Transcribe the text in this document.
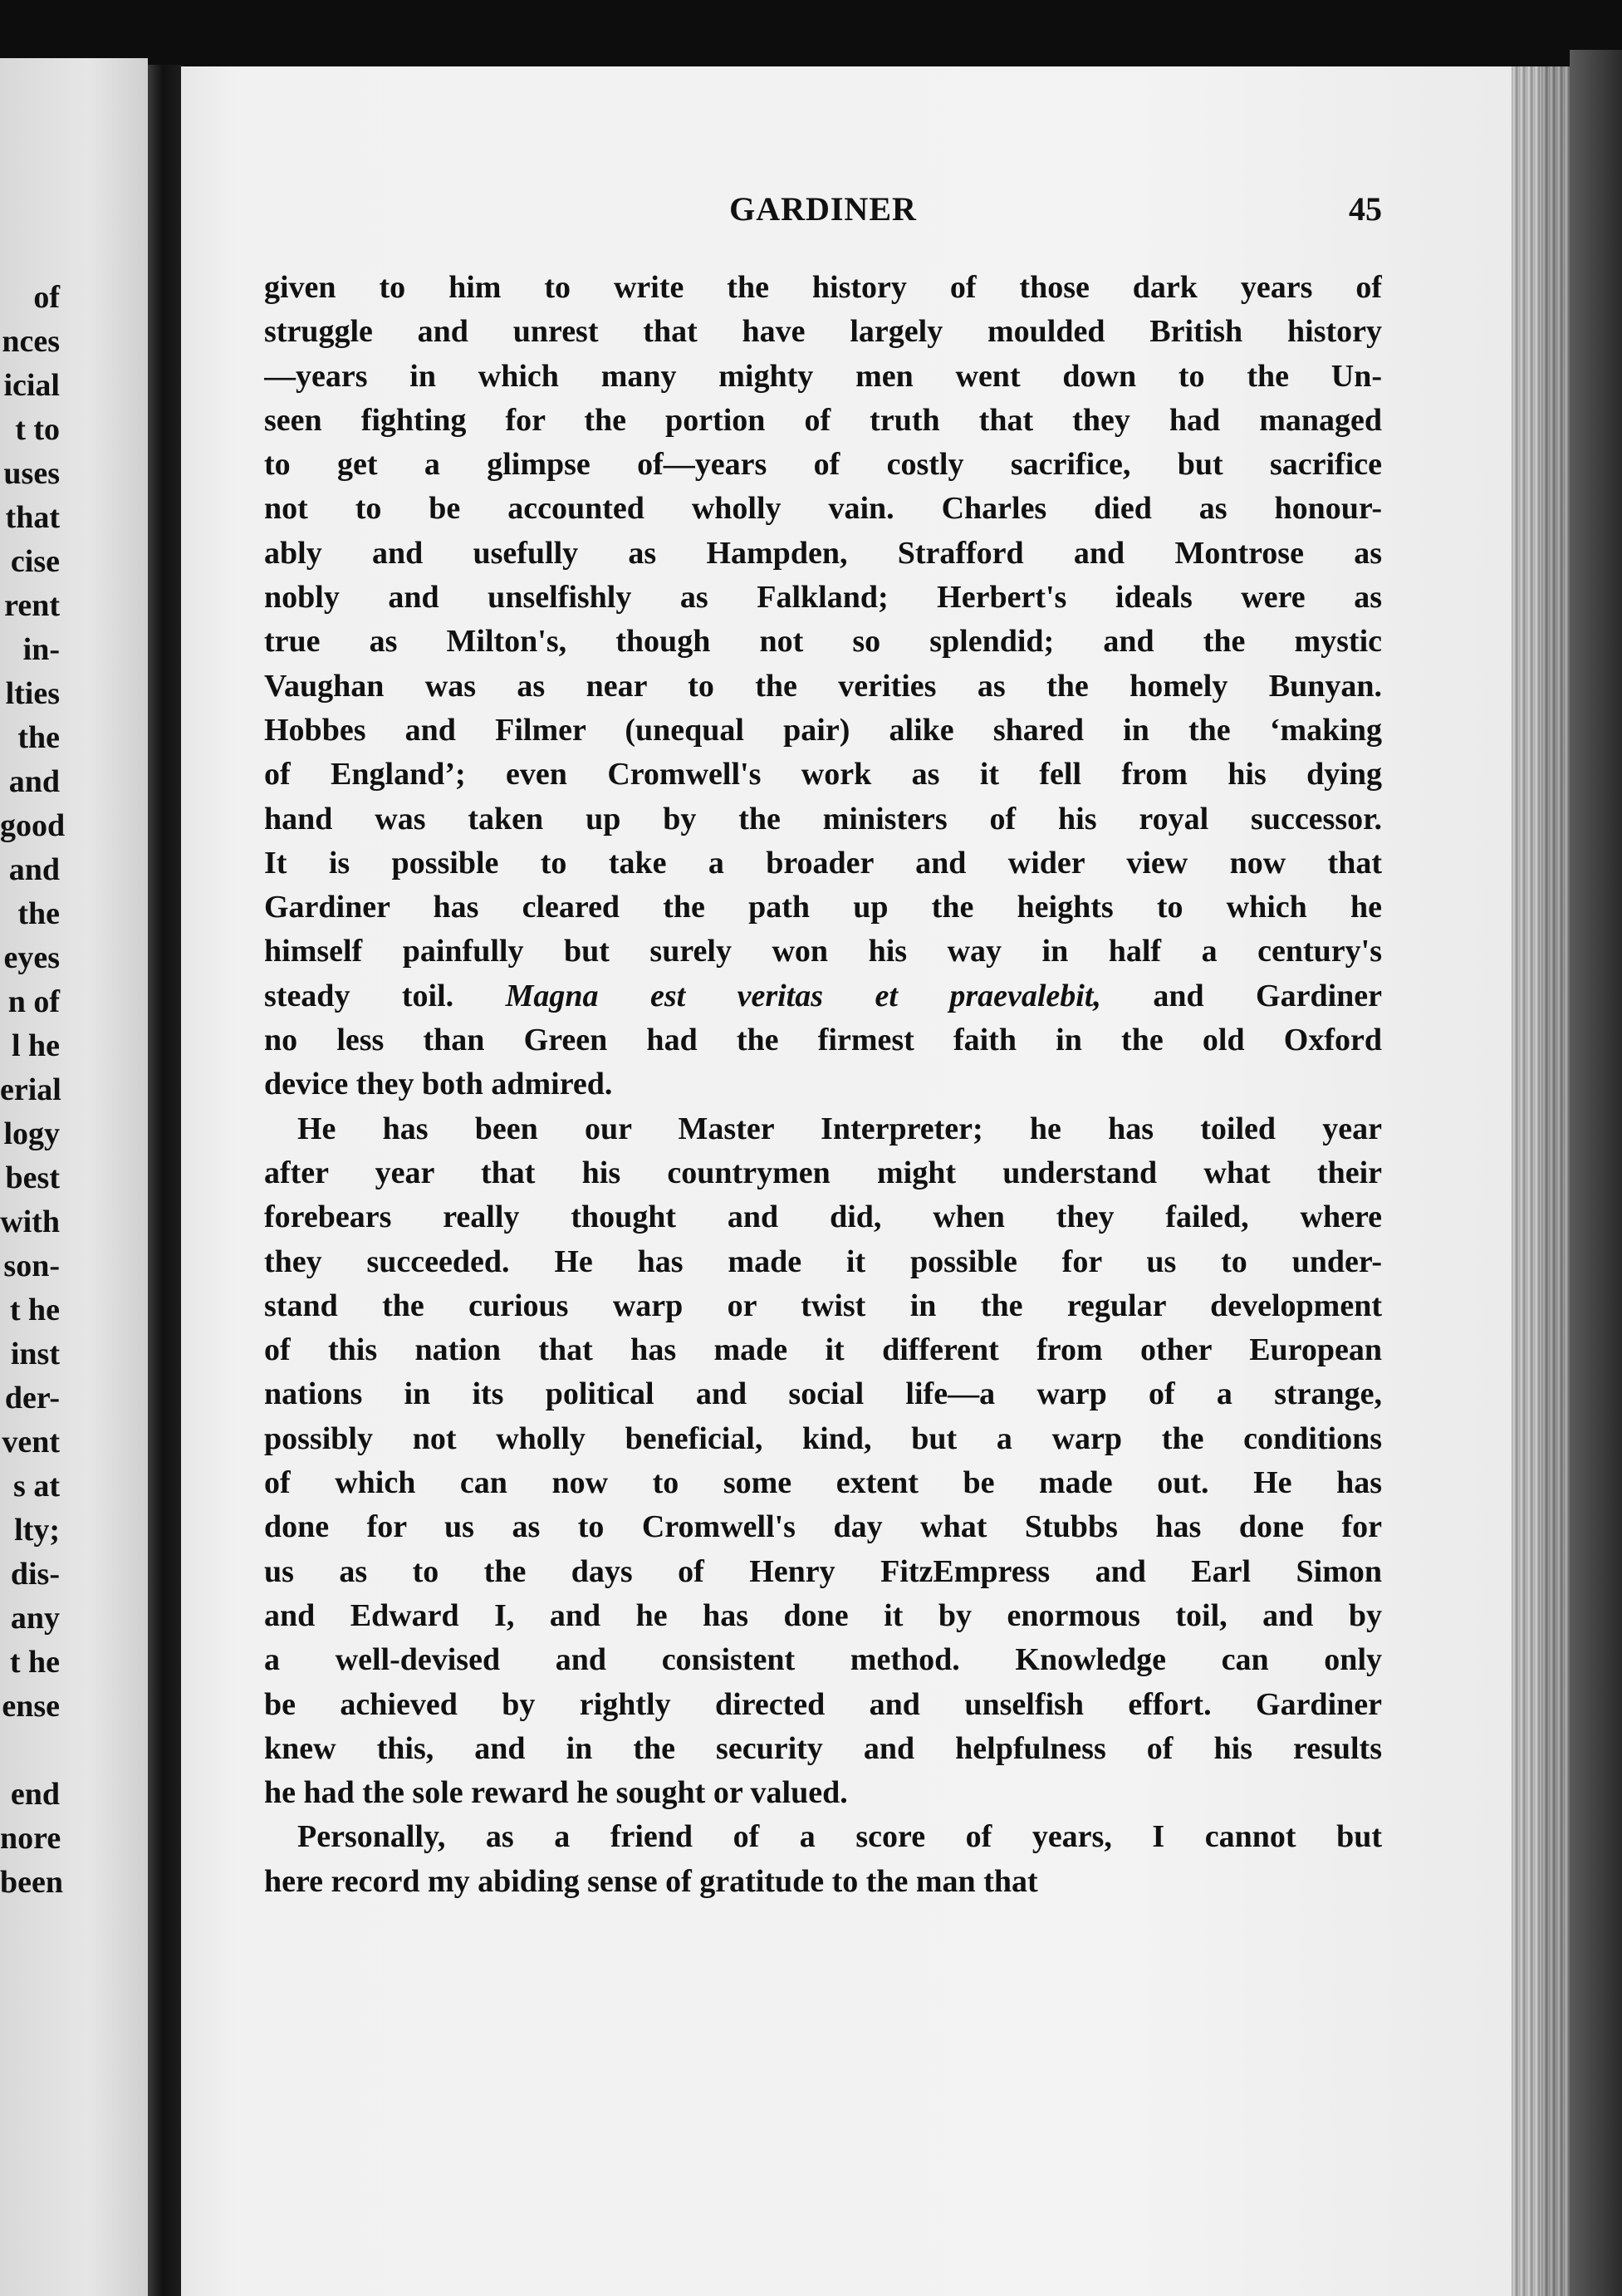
of
nces
icial
t to
uses
that
cise
rent
in-
lties
the
and
good
and
the
eyes
n of
l he
erial
logy
best
with
son-
t he
inst
der-
vent
s at
lty;
dis-
any
t he
ense

end
nore
been
GARDINER	45
given to him to write the history of those dark years of
struggle and unrest that have largely moulded British history
—years in which many mighty men went down to the Un-
seen fighting for the portion of truth that they had managed
to get a glimpse of—years of costly sacrifice, but sacrifice
not to be accounted wholly vain. Charles died as honour-
ably and usefully as Hampden, Strafford and Montrose as
nobly and unselfishly as Falkland; Herbert's ideals were as
true as Milton's, though not so splendid; and the mystic
Vaughan was as near to the verities as the homely Bunyan.
Hobbes and Filmer (unequal pair) alike shared in the ‘making
of England’; even Cromwell's work as it fell from his dying
hand was taken up by the ministers of his royal successor.
It is possible to take a broader and wider view now that
Gardiner has cleared the path up the heights to which he
himself painfully but surely won his way in half a century's
steady toil. Magna est veritas et praevalebit, and Gardiner
no less than Green had the firmest faith in the old Oxford
device they both admired.
He has been our Master Interpreter; he has toiled year
after year that his countrymen might understand what their
forebears really thought and did, when they failed, where
they succeeded. He has made it possible for us to under-
stand the curious warp or twist in the regular development
of this nation that has made it different from other European
nations in its political and social life—a warp of a strange,
possibly not wholly beneficial, kind, but a warp the conditions
of which can now to some extent be made out. He has
done for us as to Cromwell's day what Stubbs has done for
us as to the days of Henry FitzEmpress and Earl Simon
and Edward I, and he has done it by enormous toil, and by
a well-devised and consistent method. Knowledge can only
be achieved by rightly directed and unselfish effort. Gardiner
knew this, and in the security and helpfulness of his results
he had the sole reward he sought or valued.
Personally, as a friend of a score of years, I cannot but
here record my abiding sense of gratitude to the man that
